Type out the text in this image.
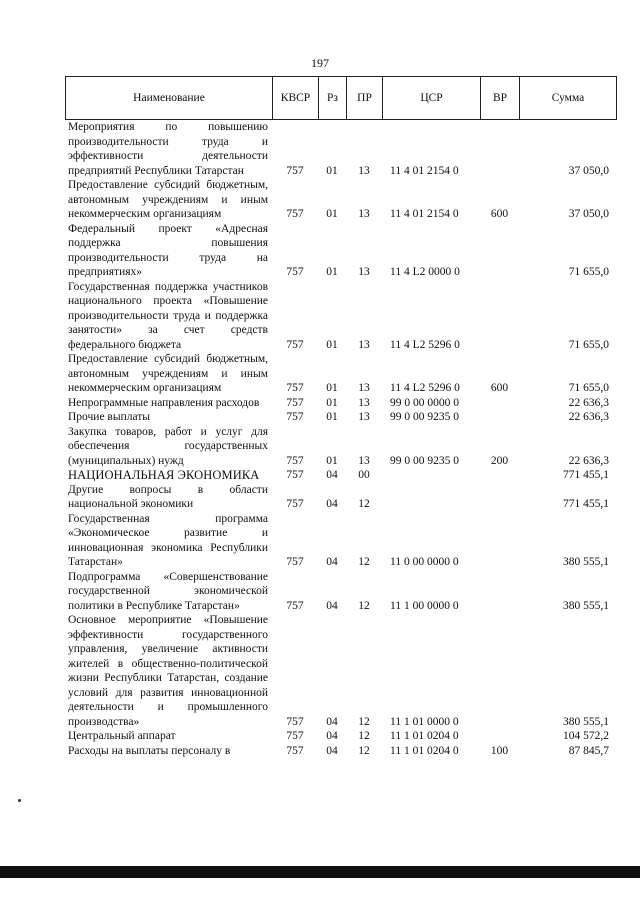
197
Наименование	КВСР	Рз	ПР	ЦСР	ВР	Сумма
Мероприятия по повышению производительности труда и эффективности деятельности предприятий Республики Татарстан	757	01	13	11 4 01 2154 0		37 050,0
Предоставление субсидий бюджетным, автономным учреждениям и иным некоммерческим организациям	757	01	13	11 4 01 2154 0	600	37 050,0
Федеральный проект «Адресная поддержка повышения производительности труда на предприятиях»	757	01	13	11 4 L2 0000 0		71 655,0
Государственная поддержка участников национального проекта «Повышение производительности труда и поддержка занятости» за счет средств федерального бюджета	757	01	13	11 4 L2 5296 0		71 655,0
Предоставление субсидий бюджетным, автономным учреждениям и иным некоммерческим организациям	757	01	13	11 4 L2 5296 0	600	71 655,0
Непрограммные направления расходов	757	01	13	99 0 00 0000 0		22 636,3
Прочие выплаты	757	01	13	99 0 00 9235 0		22 636,3
Закупка товаров, работ и услуг для обеспечения государственных (муниципальных) нужд	757	01	13	99 0 00 9235 0	200	22 636,3
НАЦИОНАЛЬНАЯ ЭКОНОМИКА	757	04	00			771 455,1
Другие вопросы в области национальной экономики	757	04	12			771 455,1
Государственная программа «Экономическое развитие и инновационная экономика Республики Татарстан»	757	04	12	11 0 00 0000 0		380 555,1
Подпрограмма «Совершенствование государственной экономической политики в Республике Татарстан»	757	04	12	11 1 00 0000 0		380 555,1
Основное мероприятие «Повышение эффективности государственного управления, увеличение активности жителей в общественно-политической жизни Республики Татарстан, создание условий для развития инновационной деятельности и промышленного производства»	757	04	12	11 1 01 0000 0		380 555,1
Центральный аппарат	757	04	12	11 1 01 0204 0		104 572,2
Расходы на выплаты персоналу в	757	04	12	11 1 01 0204 0	100	87 845,7
